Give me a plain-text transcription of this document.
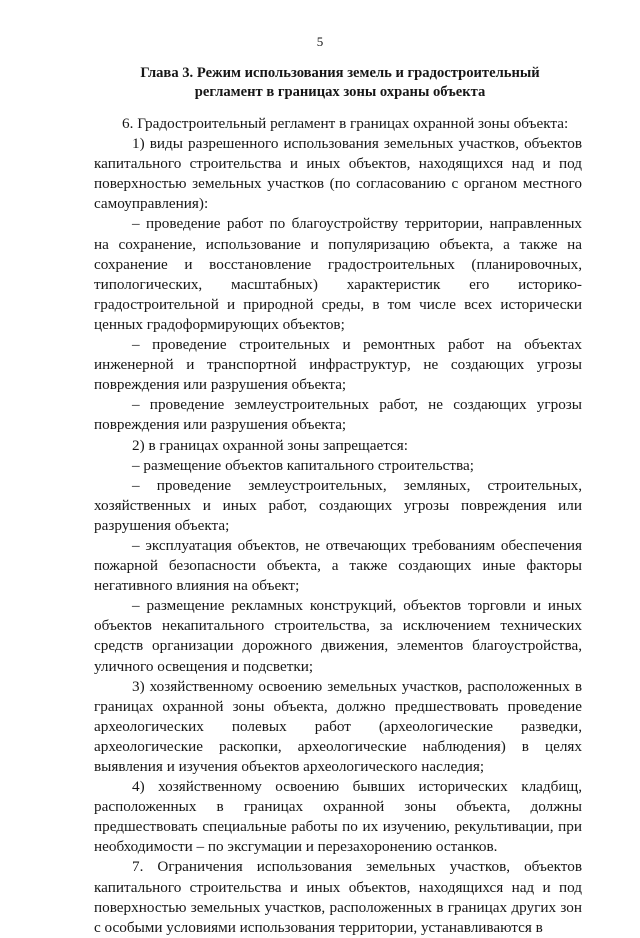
5
Глава 3. Режим использования земель и градостроительный
регламент в границах зоны охраны объекта

6. Градостроительный регламент в границах охранной зоны объекта:

1) виды разрешенного использования земельных участков, объектов капитального строительства и иных объектов, находящихся над и под поверхностью земельных участков (по согласованию с органом местного самоуправления):

– проведение работ по благоустройству территории, направленных на сохранение, использование и популяризацию объекта, а также на сохранение и восстановление градостроительных (планировочных, типологических, масштабных) характеристик его историко-градостроительной и природной среды, в том числе всех исторически ценных градоформирующих объектов;

– проведение строительных и ремонтных работ на объектах инженерной и транспортной инфраструктур, не создающих угрозы повреждения или разрушения объекта;

– проведение землеустроительных работ, не создающих угрозы повреждения или разрушения объекта;

2) в границах охранной зоны запрещается:

– размещение объектов капитального строительства;

– проведение землеустроительных, земляных, строительных, хозяйственных и иных работ, создающих угрозы повреждения или разрушения объекта;

– эксплуатация объектов, не отвечающих требованиям обеспечения пожарной безопасности объекта, а также создающих иные факторы негативного влияния на объект;

– размещение рекламных конструкций, объектов торговли и иных объектов некапитального строительства, за исключением технических средств организации дорожного движения, элементов благоустройства, уличного освещения и подсветки;

3) хозяйственному освоению земельных участков, расположенных в границах охранной зоны объекта, должно предшествовать проведение археологических полевых работ (археологические разведки, археологические раскопки, археологические наблюдения) в целях выявления и изучения объектов археологического наследия;

4) хозяйственному освоению бывших исторических кладбищ, расположенных в границах охранной зоны объекта, должны предшествовать специальные работы по их изучению, рекультивации, при необходимости – по эксгумации и перезахоронению останков.

7. Ограничения использования земельных участков, объектов капитального строительства и иных объектов, находящихся над и под поверхностью земельных участков, расположенных в границах других зон с особыми условиями использования территории, устанавливаются в
